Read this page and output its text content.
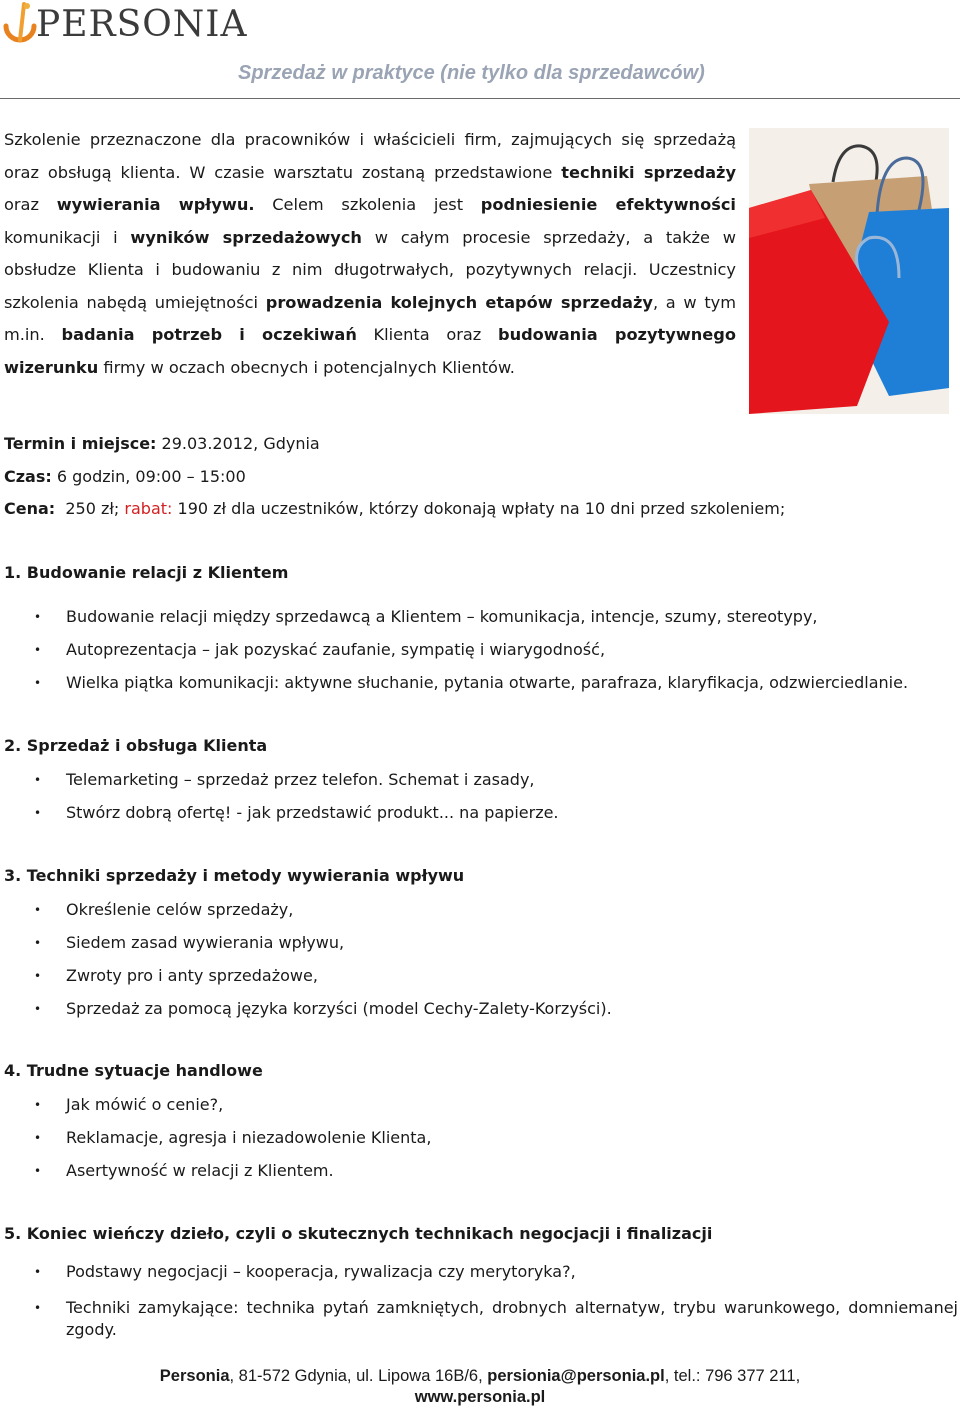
PERSONIA
Sprzedaż w praktyce (nie tylko dla sprzedawców)
Szkolenie przeznaczone dla pracowników i właścicieli firm, zajmujących się sprzedażą oraz obsługą klienta. W czasie warsztatu zostaną przedstawione techniki sprzedaży oraz wywierania wpływu. Celem szkolenia jest podniesienie efektywności komunikacji i wyników sprzedażowych w całym procesie sprzedaży, a także w obsłudze Klienta i budowaniu z nim długotrwałych, pozytywnych relacji. Uczestnicy szkolenia nabędą umiejętności prowadzenia kolejnych etapów sprzedaży, a w tym m.in. badania potrzeb i oczekiwań Klienta oraz budowania pozytywnego wizerunku firmy w oczach obecnych i potencjalnych Klientów.
Termin i miejsce: 29.03.2012, Gdynia
Czas: 6 godzin, 09:00 – 15:00
Cena:  250 zł; rabat: 190 zł dla uczestników, którzy dokonają wpłaty na 10 dni przed szkoleniem;
1. Budowanie relacji z Klientem
• Budowanie relacji między sprzedawcą a Klientem – komunikacja, intencje, szumy, stereotypy,
• Autoprezentacja – jak pozyskać zaufanie, sympatię i wiarygodność,
• Wielka piątka komunikacji: aktywne słuchanie, pytania otwarte, parafraza, klaryfikacja, odzwierciedlanie.
2. Sprzedaż i obsługa Klienta
• Telemarketing – sprzedaż przez telefon. Schemat i zasady,
• Stwórz dobrą ofertę! - jak przedstawić produkt... na papierze.
3. Techniki sprzedaży i metody wywierania wpływu
• Określenie celów sprzedaży,
• Siedem zasad wywierania wpływu,
• Zwroty pro i anty sprzedażowe,
• Sprzedaż za pomocą języka korzyści (model Cechy-Zalety-Korzyści).
4. Trudne sytuacje handlowe
• Jak mówić o cenie?,
• Reklamacje, agresja i niezadowolenie Klienta,
• Asertywność w relacji z Klientem.
5. Koniec wieńczy dzieło, czyli o skutecznych technikach negocjacji i finalizacji
• Podstawy negocjacji – kooperacja, rywalizacja czy merytoryka?,
• Techniki zamykające: technika pytań zamkniętych, drobnych alternatyw, trybu warunkowego, domniemanej zgody.
Personia, 81-572 Gdynia, ul. Lipowa 16B/6, persionia@personia.pl, tel.: 796 377 211,
www.personia.pl
